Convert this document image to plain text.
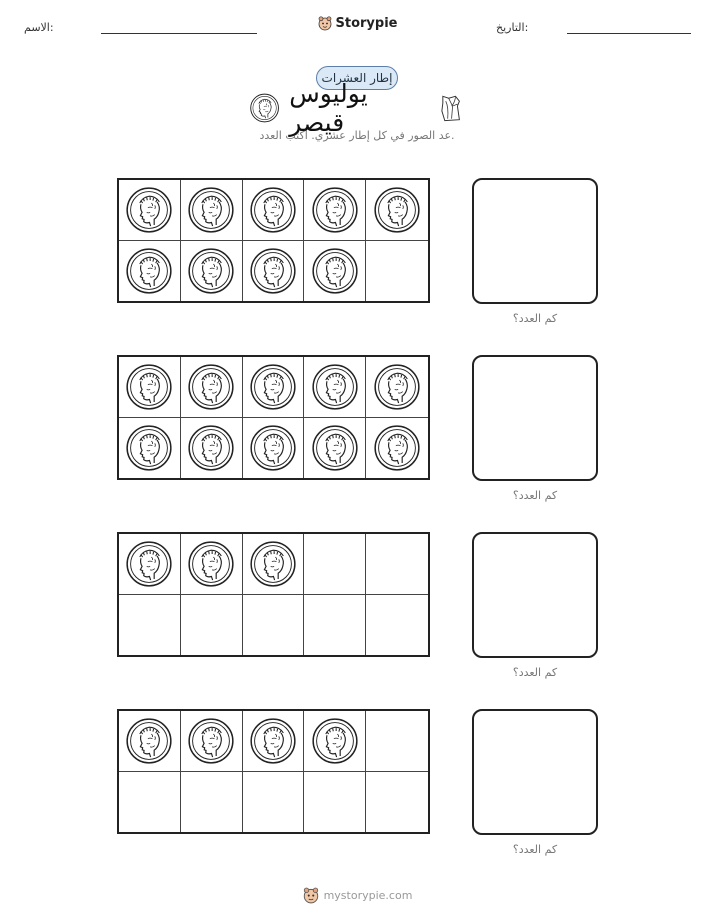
الاسم:	Storypie	التاريخ:
إطار العشرات
يوليوس قيصر
عد الصور في كل إطار عشري. اكتب العدد.
كم العدد؟
كم العدد؟
كم العدد؟
كم العدد؟
mystorypie.com
